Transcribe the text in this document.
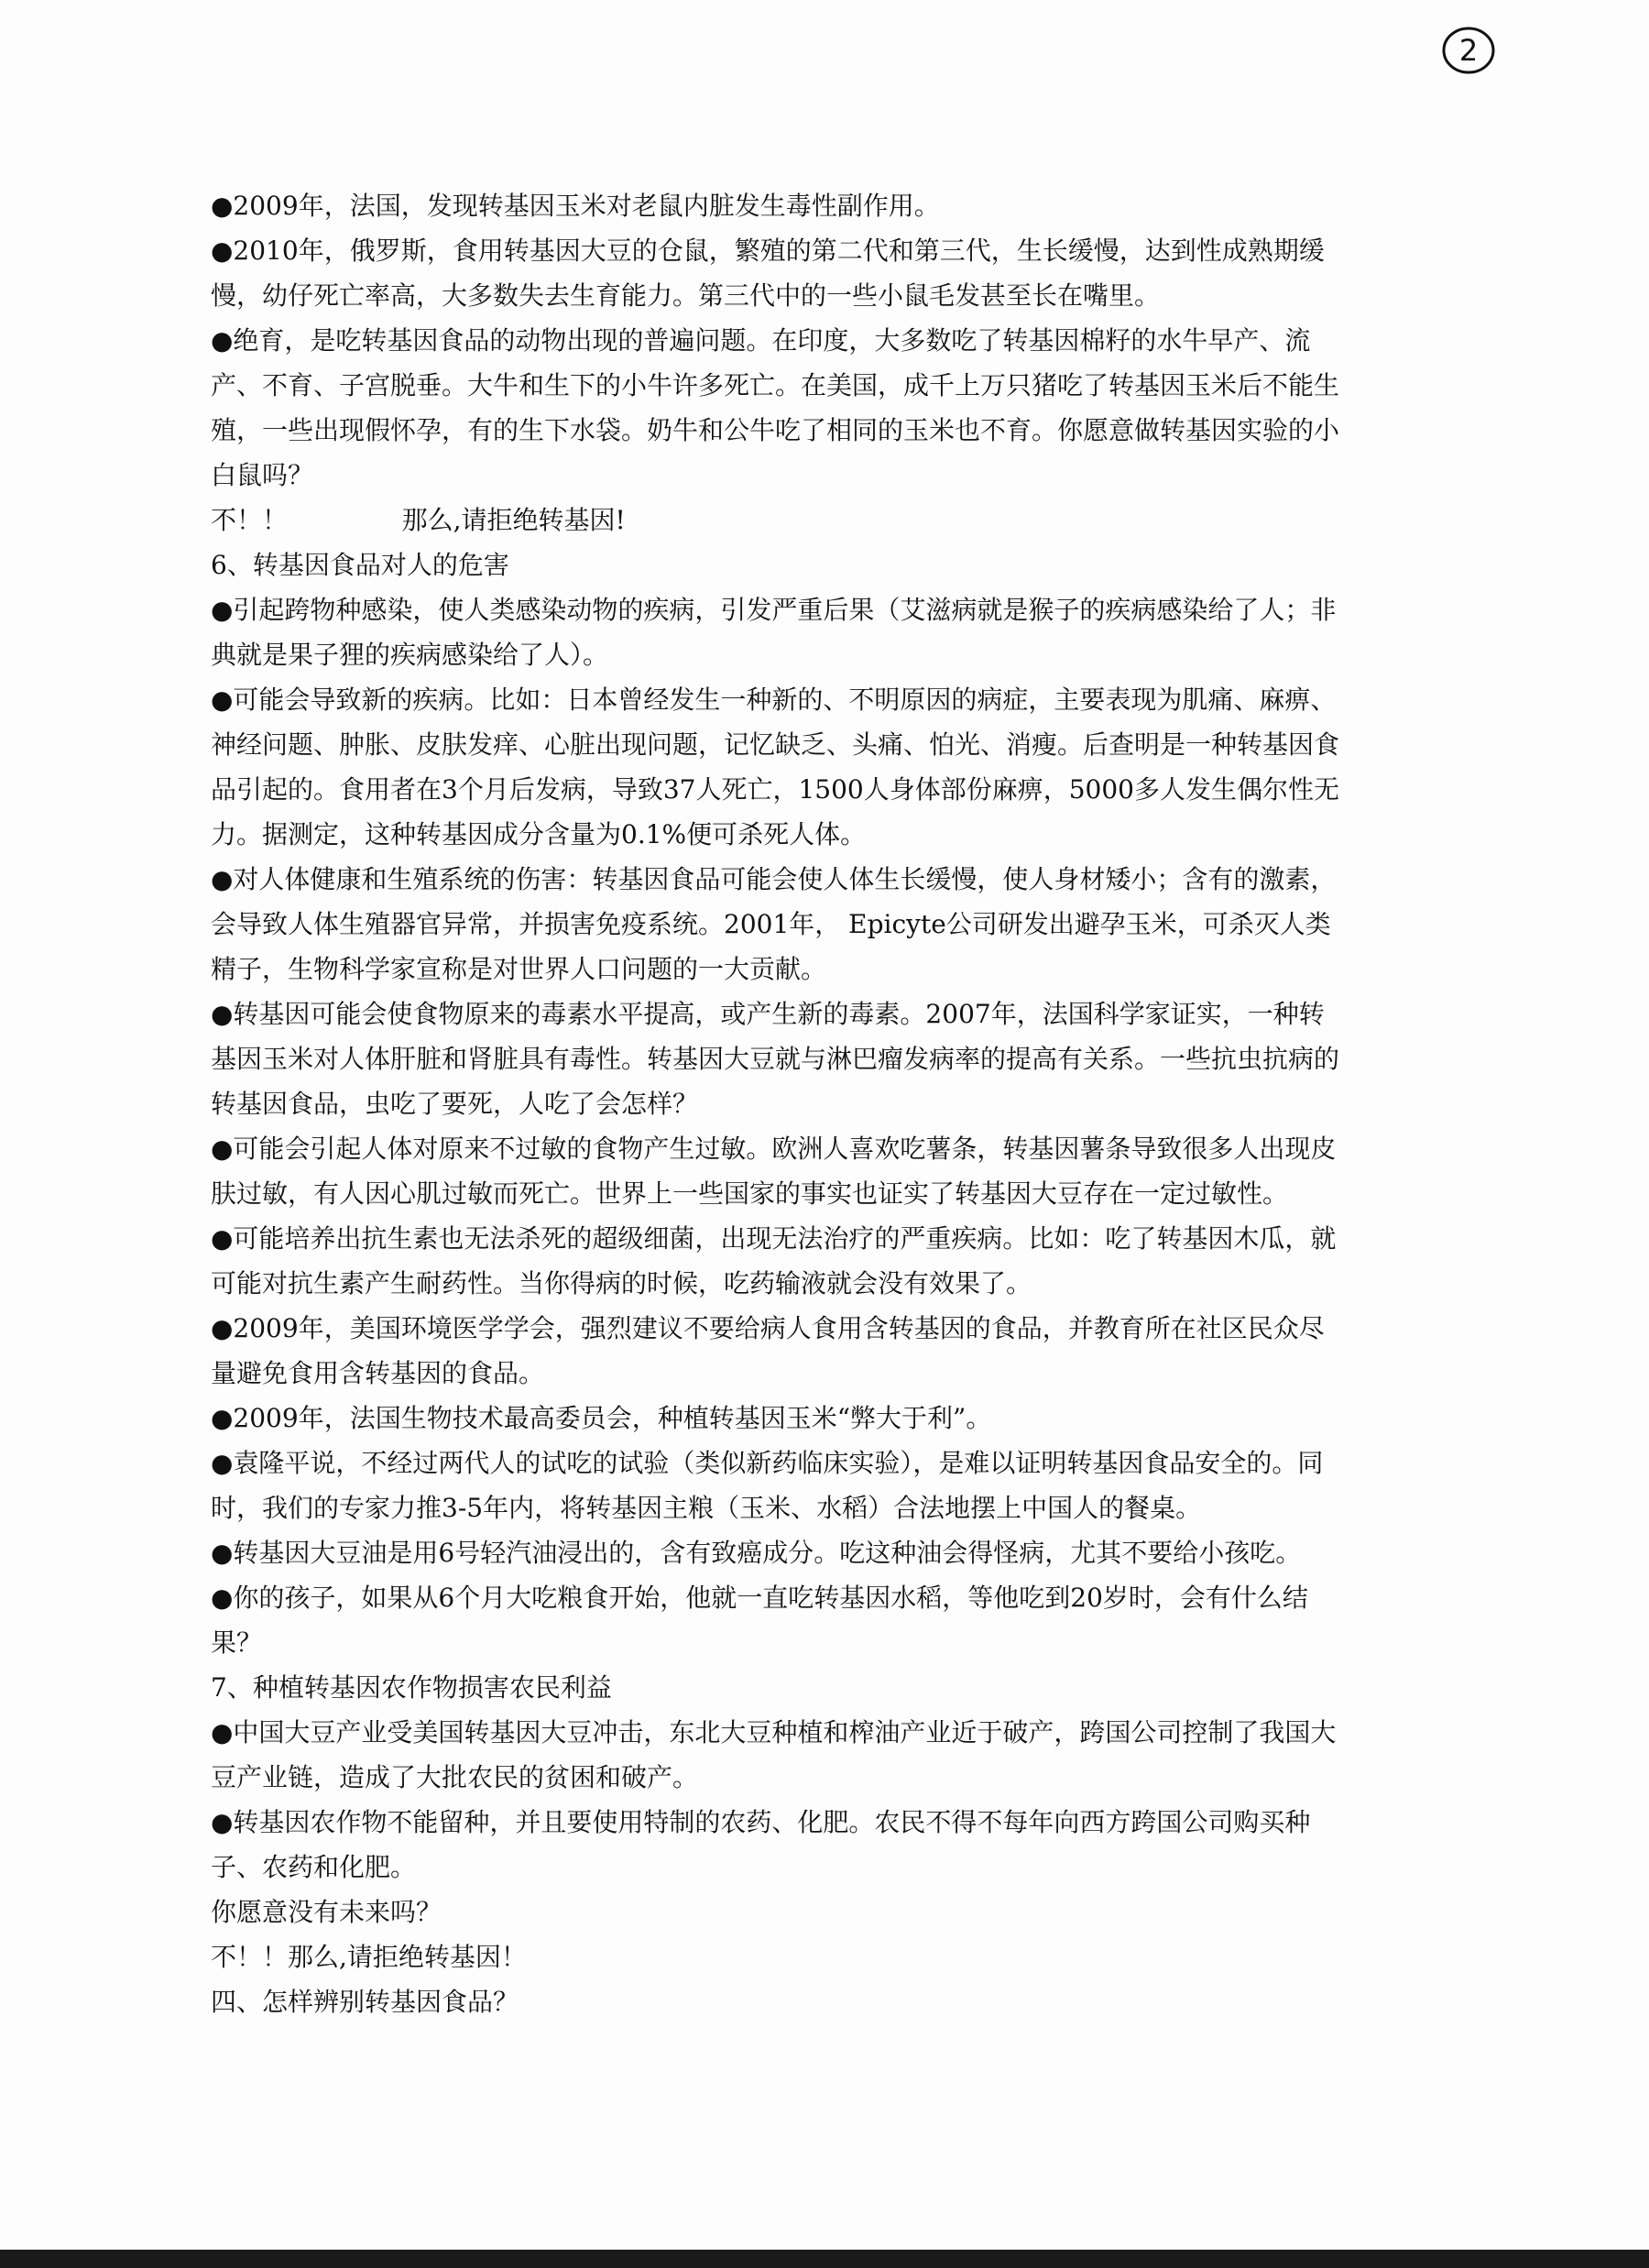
2

●2009年，法国，发现转基因玉米对老鼠内脏发生毒性副作用。

●2010年，俄罗斯，食用转基因大豆的仓鼠，繁殖的第二代和第三代，生长缓慢，达到性成熟期缓慢，幼仔死亡率高，大多数失去生育能力。第三代中的一些小鼠毛发甚至长在嘴里。

●绝育，是吃转基因食品的动物出现的普遍问题。在印度，大多数吃了转基因棉籽的水牛早产、流产、不育、子宫脱垂。大牛和生下的小牛许多死亡。在美国，成千上万只猪吃了转基因玉米后不能生殖，一些出现假怀孕，有的生下水袋。奶牛和公牛吃了相同的玉米也不育。你愿意做转基因实验的小白鼠吗？

不！！              那么,请拒绝转基因!

6、转基因食品对人的危害

●引起跨物种感染，使人类感染动物的疾病，引发严重后果（艾滋病就是猴子的疾病感染给了人；非典就是果子狸的疾病感染给了人）。

●可能会导致新的疾病。比如：日本曾经发生一种新的、不明原因的病症，主要表现为肌痛、麻痹、神经问题、肿胀、皮肤发痒、心脏出现问题，记忆缺乏、头痛、怕光、消瘦。后查明是一种转基因食品引起的。食用者在3个月后发病，导致37人死亡，1500人身体部份麻痹，5000多人发生偶尔性无力。据测定，这种转基因成分含量为0.1%便可杀死人体。

●对人体健康和生殖系统的伤害：转基因食品可能会使人体生长缓慢，使人身材矮小；含有的激素，会导致人体生殖器官异常，并损害免疫系统。2001年， Epicyte公司研发出避孕玉米，可杀灭人类精子，生物科学家宣称是对世界人口问题的一大贡献。

●转基因可能会使食物原来的毒素水平提高，或产生新的毒素。2007年，法国科学家证实，一种转基因玉米对人体肝脏和肾脏具有毒性。转基因大豆就与淋巴瘤发病率的提高有关系。一些抗虫抗病的转基因食品，虫吃了要死，人吃了会怎样？

●可能会引起人体对原来不过敏的食物产生过敏。欧洲人喜欢吃薯条，转基因薯条导致很多人出现皮肤过敏，有人因心肌过敏而死亡。世界上一些国家的事实也证实了转基因大豆存在一定过敏性。

●可能培养出抗生素也无法杀死的超级细菌，出现无法治疗的严重疾病。比如：吃了转基因木瓜，就可能对抗生素产生耐药性。当你得病的时候，吃药输液就会没有效果了。

●2009年，美国环境医学学会，强烈建议不要给病人食用含转基因的食品，并教育所在社区民众尽量避免食用含转基因的食品。

●2009年，法国生物技术最高委员会，种植转基因玉米“弊大于利”。

●袁隆平说，不经过两代人的试吃的试验（类似新药临床实验），是难以证明转基因食品安全的。同时，我们的专家力推3-5年内，将转基因主粮（玉米、水稻）合法地摆上中国人的餐桌。

●转基因大豆油是用6号轻汽油浸出的，含有致癌成分。吃这种油会得怪病，尤其不要给小孩吃。

●你的孩子，如果从6个月大吃粮食开始，他就一直吃转基因水稻，等他吃到20岁时，会有什么结果？

7、种植转基因农作物损害农民利益

●中国大豆产业受美国转基因大豆冲击，东北大豆种植和榨油产业近于破产，跨国公司控制了我国大豆产业链，造成了大批农民的贫困和破产。

●转基因农作物不能留种，并且要使用特制的农药、化肥。农民不得不每年向西方跨国公司购买种子、农药和化肥。

你愿意没有未来吗？

不！！那么,请拒绝转基因！

四、怎样辨别转基因食品？
